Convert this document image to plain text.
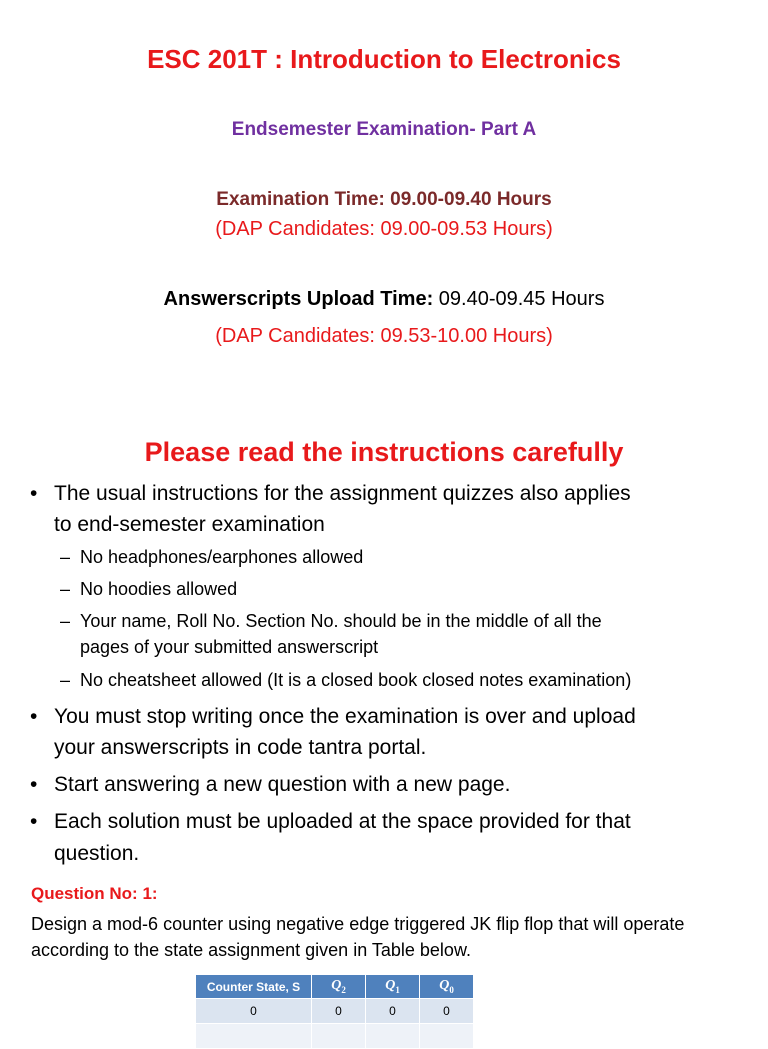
ESC 201T : Introduction to Electronics
Endsemester Examination- Part A
Examination Time: 09.00-09.40 Hours
(DAP Candidates: 09.00-09.53 Hours)
Answerscripts Upload Time: 09.40-09.45 Hours
(DAP Candidates: 09.53-10.00 Hours)
Please read the instructions carefully
• The usual instructions for the assignment quizzes also applies
to end-semester examination
– No headphones/earphones allowed
– No hoodies allowed
– Your name, Roll No. Section No. should be in the middle of all the
pages of your submitted answerscript
– No cheatsheet allowed (It is a closed book closed notes examination)
• You must stop writing once the examination is over and upload
your answerscripts in code tantra portal.
• Start answering a new question with a new page.
• Each solution must be uploaded at the space provided for that
question.
Question No: 1:
Design a mod-6 counter using negative edge triggered JK flip flop that will operate according to the state assignment given in Table below.
Counter State, S	$Q_2$	$Q_1$	$Q_0$
0	0	0	0
